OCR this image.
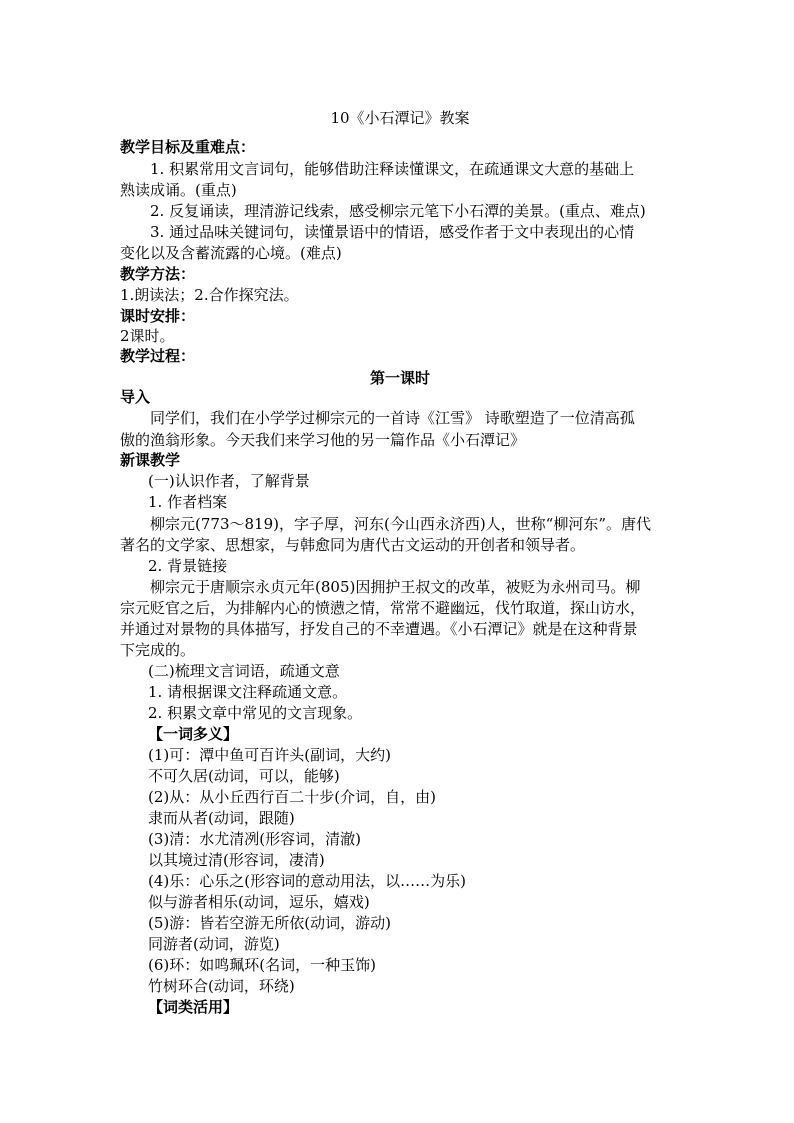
10《小石潭记》教案
教学目标及重难点：
1. 积累常用文言词句，能够借助注释读懂课文，在疏通课文大意的基础上
熟读成诵。(重点)
2. 反复诵读，理清游记线索，感受柳宗元笔下小石潭的美景。(重点、难点)
3. 通过品味关键词句，读懂景语中的情语，感受作者于文中表现出的心情
变化以及含蓄流露的心境。(难点)
教学方法：
1.朗读法；2.合作探究法。
课时安排：
2课时。
教学过程：
第一课时
导入
同学们，我们在小学学过柳宗元的一首诗《江雪》 诗歌塑造了一位清高孤
傲的渔翁形象。今天我们来学习他的另一篇作品《小石潭记》
新课教学
(一)认识作者，了解背景
1. 作者档案
柳宗元(773～819)，字子厚，河东(今山西永济西)人，世称“柳河东”。唐代
著名的文学家、思想家，与韩愈同为唐代古文运动的开创者和领导者。
2. 背景链接
柳宗元于唐顺宗永贞元年(805)因拥护王叔文的改革，被贬为永州司马。柳
宗元贬官之后，为排解内心的愤懑之情，常常不避幽远，伐竹取道，探山访水，
并通过对景物的具体描写，抒发自己的不幸遭遇。《小石潭记》就是在这种背景
下完成的。
(二)梳理文言词语，疏通文意
1. 请根据课文注释疏通文意。
2. 积累文章中常见的文言现象。
【一词多义】
(1)可：潭中鱼可百许头(副词，大约)
不可久居(动词，可以，能够)
(2)从：从小丘西行百二十步(介词，自，由)
隶而从者(动词，跟随)
(3)清：水尤清冽(形容词，清澈)
以其境过清(形容词，凄清)
(4)乐：心乐之(形容词的意动用法，以……为乐)
似与游者相乐(动词，逗乐，嬉戏)
(5)游：皆若空游无所依(动词，游动)
同游者(动词，游览)
(6)环：如鸣珮环(名词，一种玉饰)
竹树环合(动词，环绕)
【词类活用】
